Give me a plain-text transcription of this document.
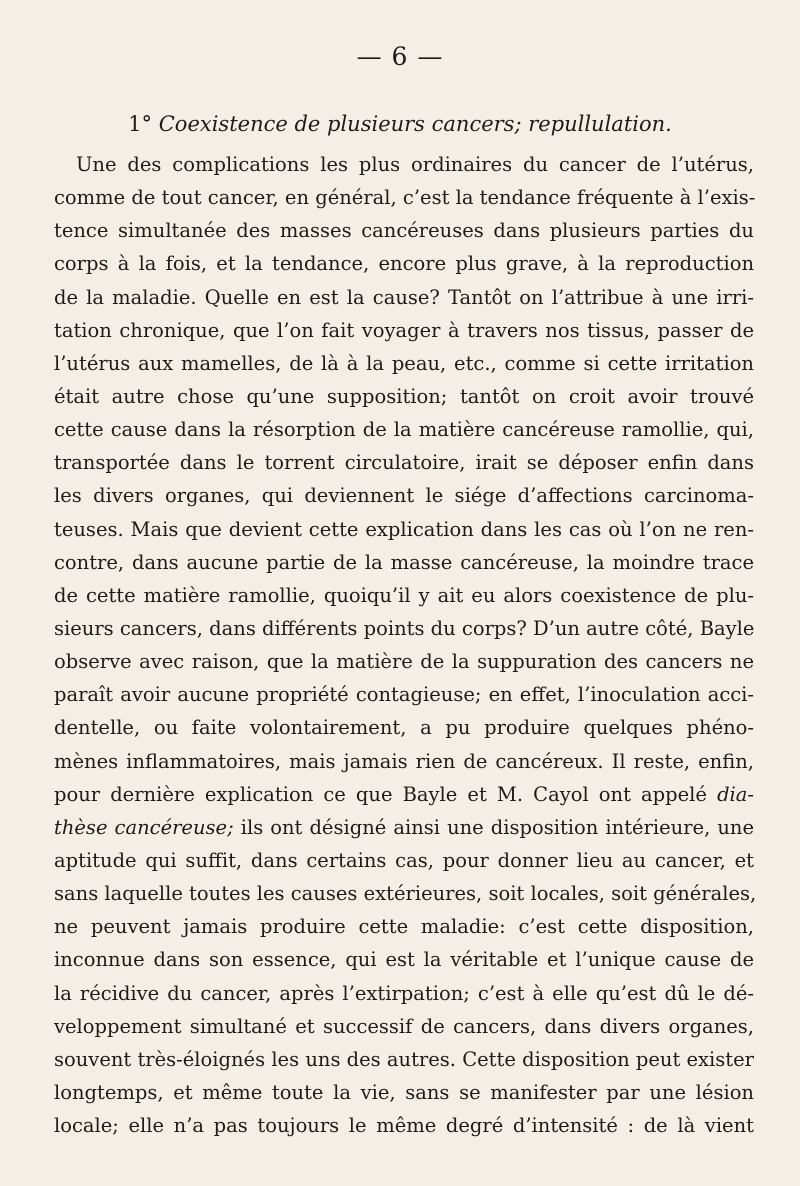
— 6 —
1° Coexistence de plusieurs cancers; repullulation.
Une des complications les plus ordinaires du cancer de l’utérus,
comme de tout cancer, en général, c’est la tendance fréquente à l’exis-
tence simultanée des masses cancéreuses dans plusieurs parties du
corps à la fois, et la tendance, encore plus grave, à la reproduction
de la maladie. Quelle en est la cause? Tantôt on l’attribue à une irri-
tation chronique, que l’on fait voyager à travers nos tissus, passer de
l’utérus aux mamelles, de là à la peau, etc., comme si cette irritation
était autre chose qu’une supposition; tantôt on croit avoir trouvé
cette cause dans la résorption de la matière cancéreuse ramollie, qui,
transportée dans le torrent circulatoire, irait se déposer enfin dans
les divers organes, qui deviennent le siége d’affections carcinoma-
teuses. Mais que devient cette explication dans les cas où l’on ne ren-
contre, dans aucune partie de la masse cancéreuse, la moindre trace
de cette matière ramollie, quoiqu’il y ait eu alors coexistence de plu-
sieurs cancers, dans différents points du corps? D’un autre côté, Bayle
observe avec raison, que la matière de la suppuration des cancers ne
paraît avoir aucune propriété contagieuse; en effet, l’inoculation acci-
dentelle, ou faite volontairement, a pu produire quelques phéno-
mènes inflammatoires, mais jamais rien de cancéreux. Il reste, enfin,
pour dernière explication ce que Bayle et M. Cayol ont appelé dia-
thèse cancéreuse; ils ont désigné ainsi une disposition intérieure, une
aptitude qui suffit, dans certains cas, pour donner lieu au cancer, et
sans laquelle toutes les causes extérieures, soit locales, soit générales,
ne peuvent jamais produire cette maladie: c’est cette disposition,
inconnue dans son essence, qui est la véritable et l’unique cause de
la récidive du cancer, après l’extirpation; c’est à elle qu’est dû le dé-
veloppement simultané et successif de cancers, dans divers organes,
souvent très-éloignés les uns des autres. Cette disposition peut exister
longtemps, et même toute la vie, sans se manifester par une lésion
locale; elle n’a pas toujours le même degré d’intensité : de là vient
